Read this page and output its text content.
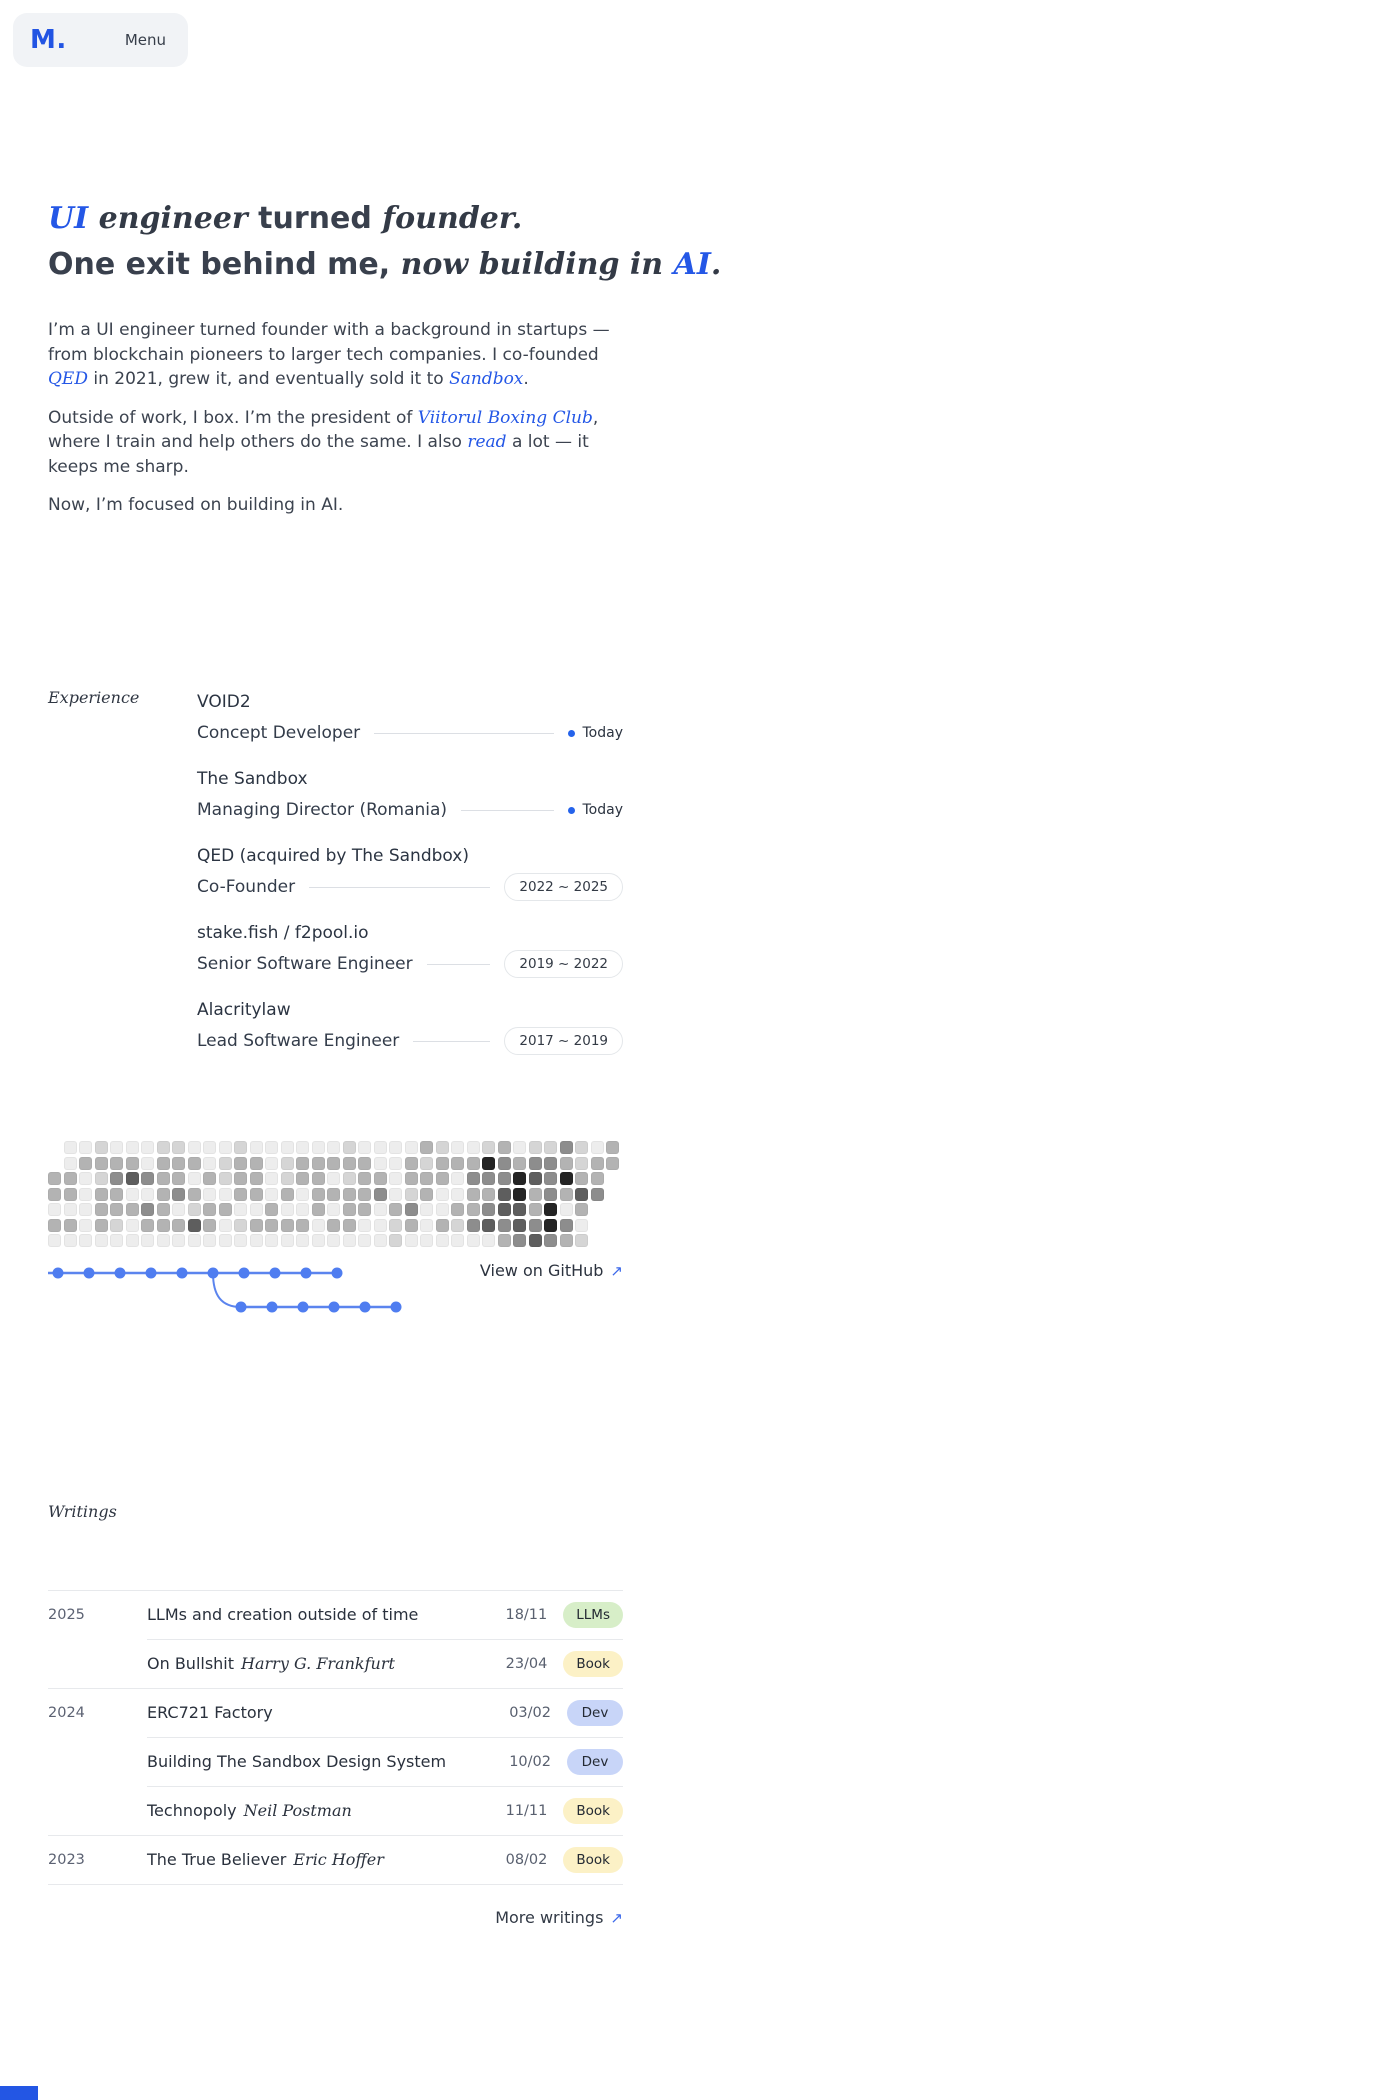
M.	Menu
UI engineer turned founder.
One exit behind me, now building in AI.

I’m a UI engineer turned founder with a background in startups — from blockchain pioneers to larger tech companies. I co-founded QED in 2021, grew it, and eventually sold it to Sandbox.

Outside of work, I box. I’m the president of Viitorul Boxing Club, where I train and help others do the same. I also read a lot — it keeps me sharp.

Now, I’m focused on building in AI.

Experience	VOID2
Concept Developer	Today
The Sandbox
Managing Director (Romania)	Today
QED (acquired by The Sandbox)
Co-Founder	2022 ~ 2025
stake.fish / f2pool.io
Senior Software Engineer	2019 ~ 2022
Alacritylaw
Lead Software Engineer	2017 ~ 2019
View on GitHub ↗
Writings
2025	LLMs and creation outside of time	18/11	LLMs
On Bullshit Harry G. Frankfurt	23/04	Book
2024	ERC721 Factory	03/02	Dev
Building The Sandbox Design System	10/02	Dev
Technopoly Neil Postman	11/11	Book
2023	The True Believer Eric Hoffer	08/02	Book
More writings ↗
